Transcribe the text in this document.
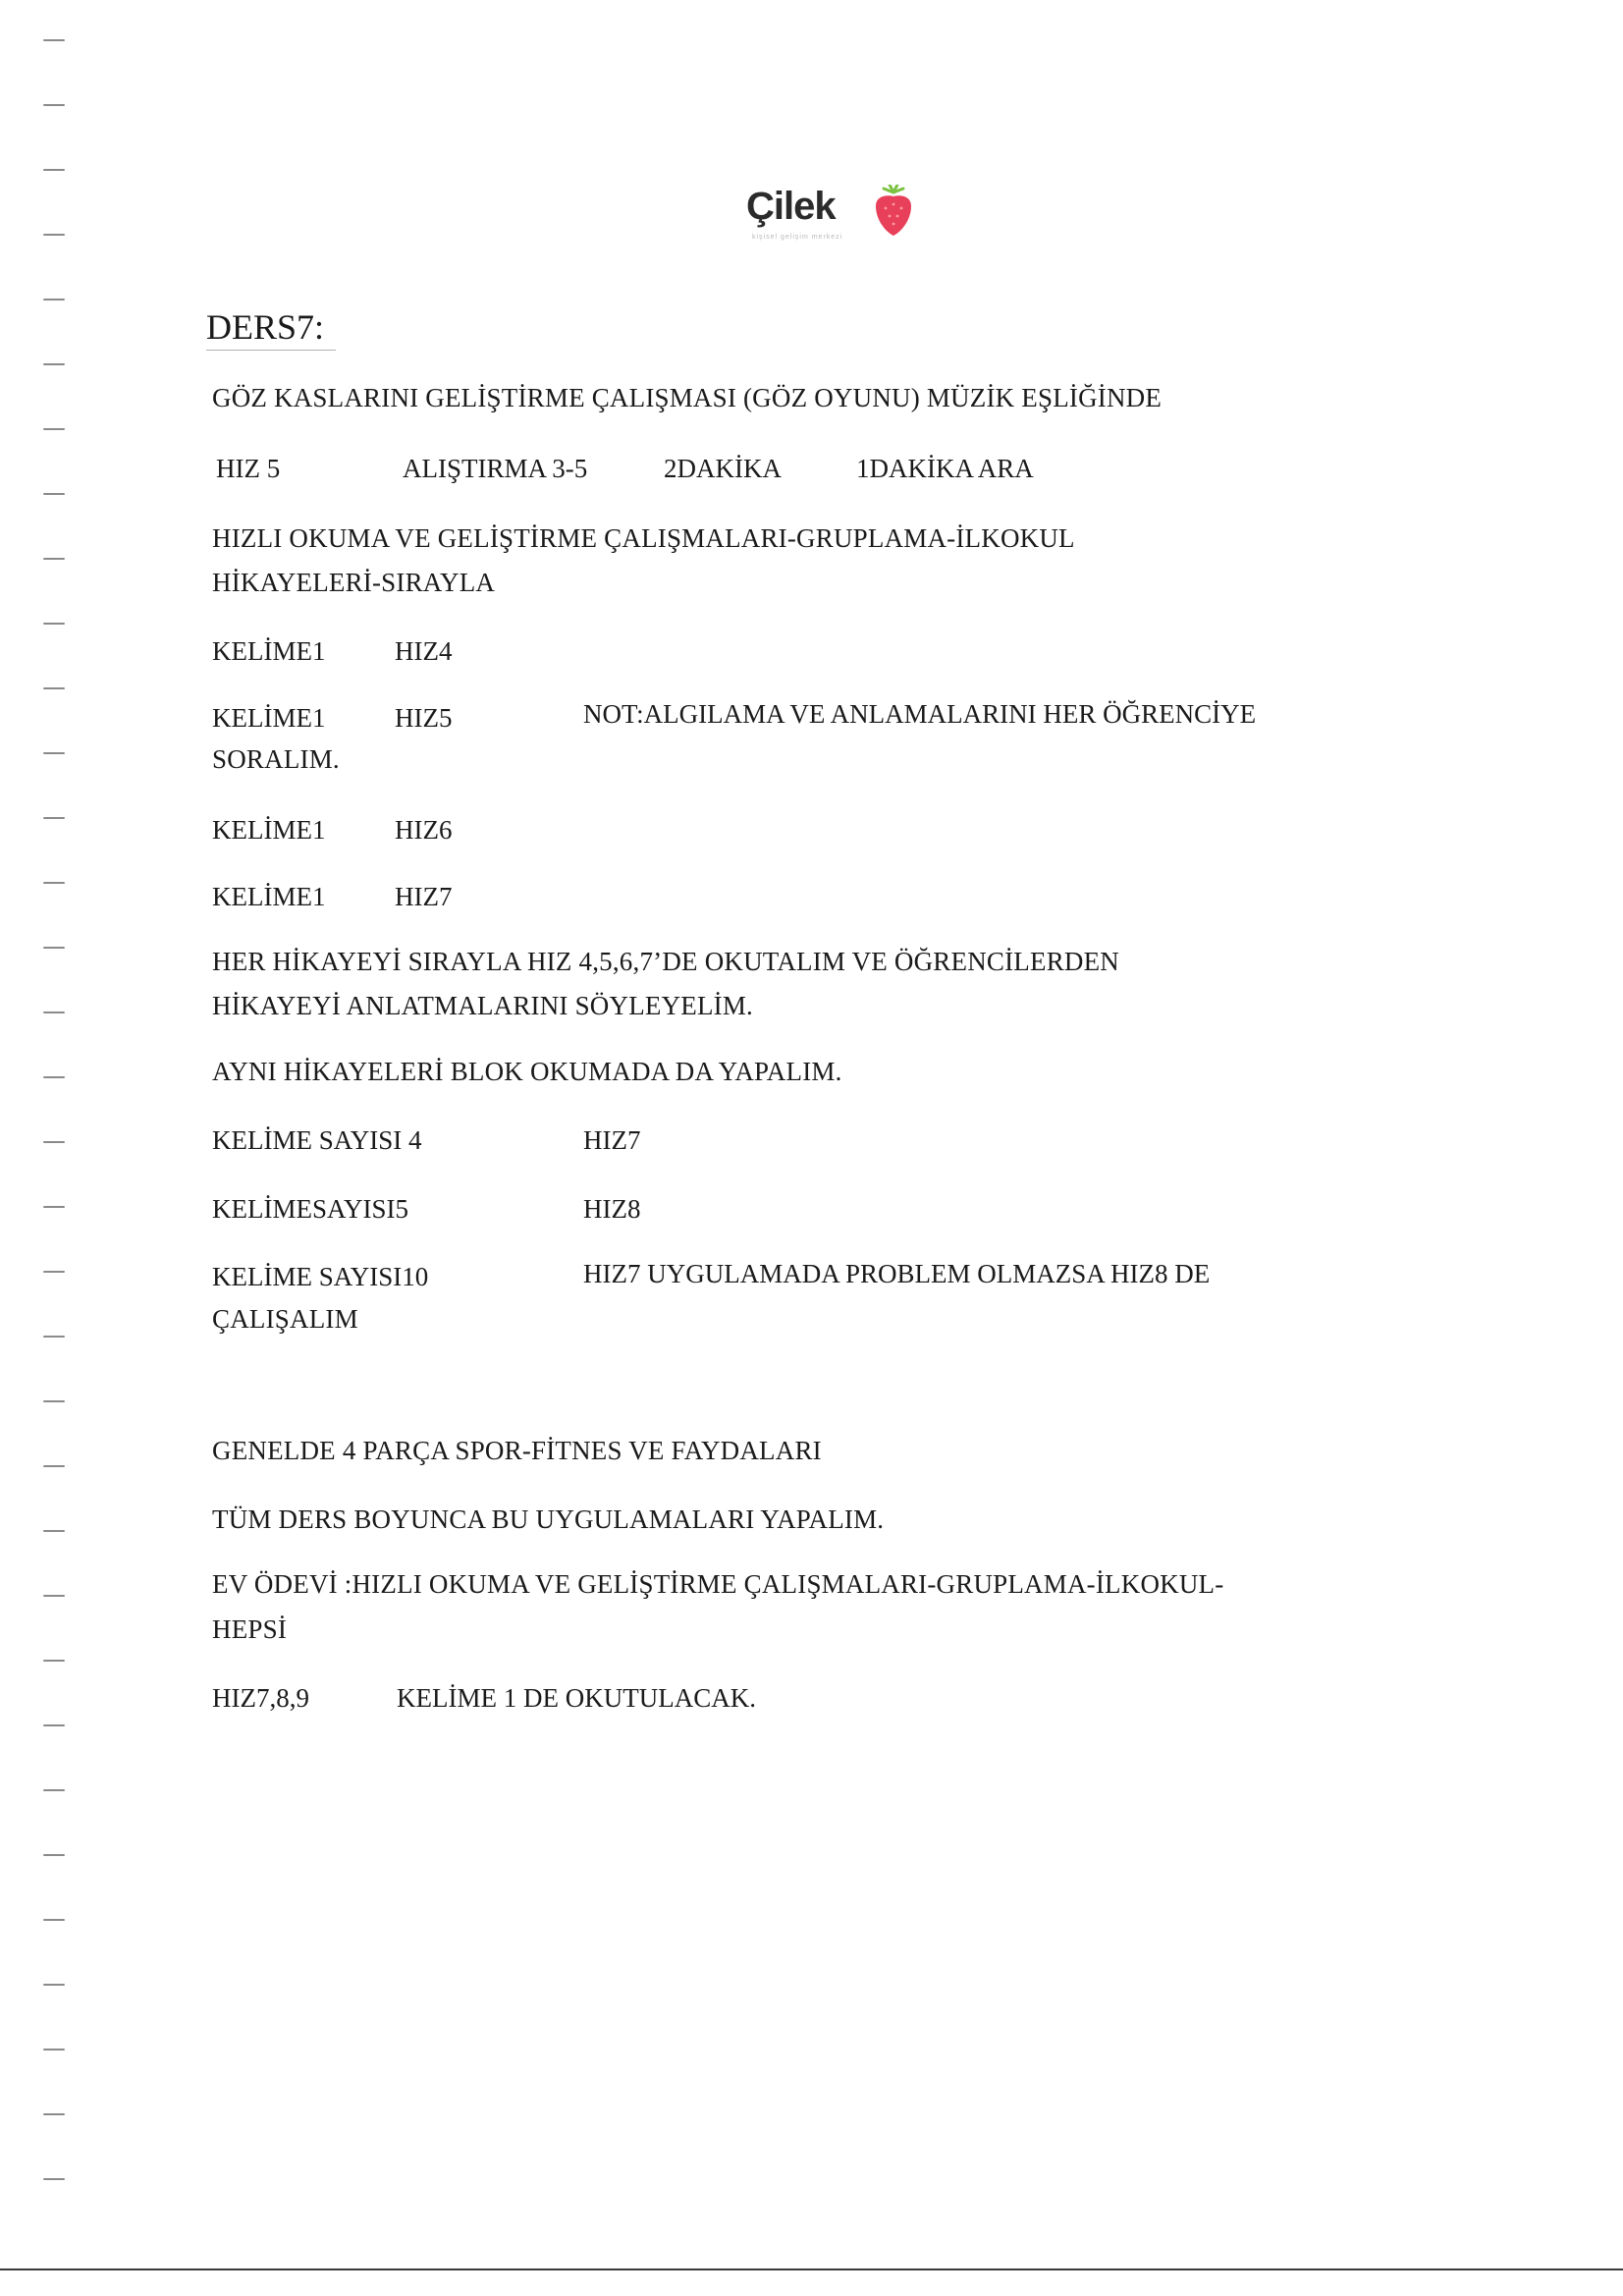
Çilek
kişisel gelişim merkezi
DERS7:
GÖZ KASLARINI GELİŞTİRME ÇALIŞMASI (GÖZ OYUNU) MÜZİK EŞLİĞİNDE
HIZ 5	ALIŞTIRMA 3-5	2DAKİKA	1DAKİKA ARA
HIZLI OKUMA VE GELİŞTİRME ÇALIŞMALARI-GRUPLAMA-İLKOKUL
HİKAYELERİ-SIRAYLA
KELİME1	HIZ4
KELİME1	HIZ5	NOT:ALGILAMA VE ANLAMALARINI HER ÖĞRENCİYE
SORALIM.
KELİME1	HIZ6
KELİME1	HIZ7
HER HİKAYEYİ SIRAYLA HIZ 4,5,6,7’DE OKUTALIM VE ÖĞRENCİLERDEN
HİKAYEYİ ANLATMALARINI SÖYLEYELİM.
AYNI HİKAYELERİ BLOK OKUMADA DA YAPALIM.
KELİME SAYISI 4	HIZ7
KELİMESAYISI5	HIZ8
KELİME SAYISI10	HIZ7 UYGULAMADA PROBLEM OLMAZSA HIZ8 DE
ÇALIŞALIM
GENELDE 4 PARÇA SPOR-FİTNES VE FAYDALARI
TÜM DERS BOYUNCA BU UYGULAMALARI YAPALIM.
EV ÖDEVİ :HIZLI OKUMA VE GELİŞTİRME ÇALIŞMALARI-GRUPLAMA-İLKOKUL-
HEPSİ
HIZ7,8,9	KELİME 1 DE OKUTULACAK.
